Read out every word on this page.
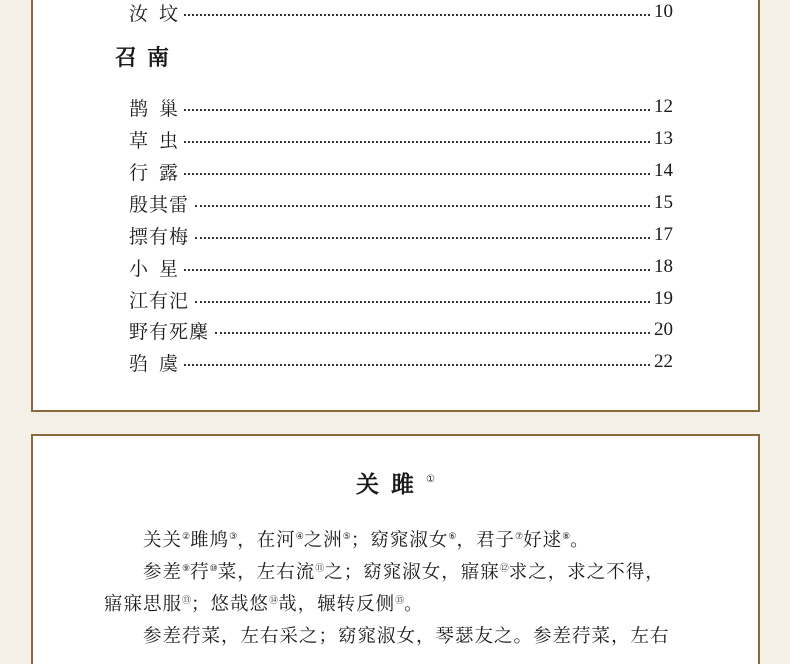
汝 坟	10
召南
鹊 巢	12
草 虫	13
行 露	14
殷其雷	15
摽有梅	17
小 星	18
江有汜	19
野有死麇	20
驺 虞	22
关雎①
关关②雎鸠③，在河④之洲⑤；窈窕淑女⑥，君子⑦好逑⑧。
参差⑨荇⑩菜，左右流⑪之；窈窕淑女，寤寐⑫求之，求之不得，
寤寐思服⑬；悠哉悠⑭哉，辗转反侧⑮。
参差荇菜，左右采之；窈窕淑女，琴瑟友之。参差荇菜，左右
